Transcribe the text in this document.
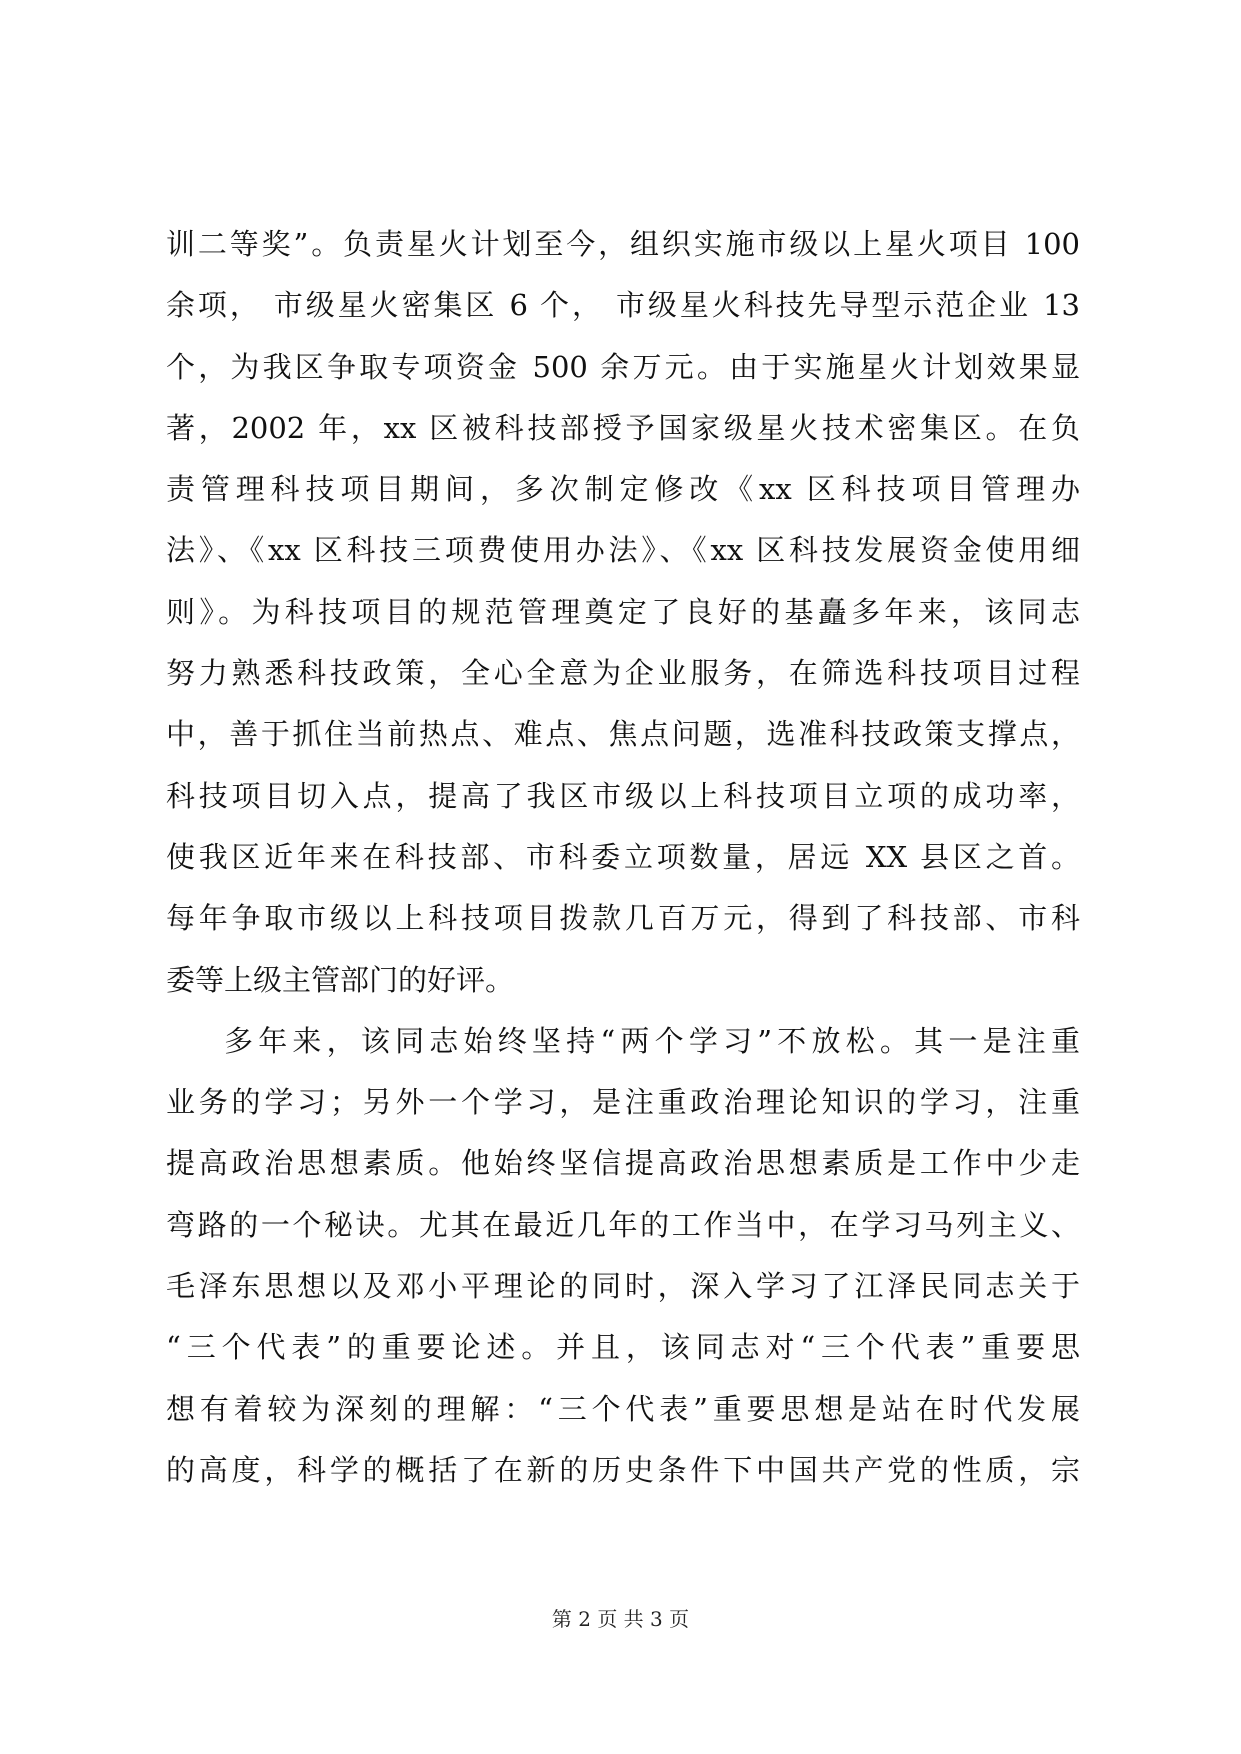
训二等奖”。负责星火计划至今，组织实施市级以上星火项目 100
余项， 市级星火密集区 6 个， 市级星火科技先导型示范企业 13
个，为我区争取专项资金 500 余万元。由于实施星火计划效果显
著，2002 年，xx 区被科技部授予国家级星火技术密集区。在负
责管理科技项目期间，多次制定修改《xx 区科技项目管理办
法》、《xx 区科技三项费使用办法》、《xx 区科技发展资金使用细
则》。为科技项目的规范管理奠定了良好的基矗多年来，该同志
努力熟悉科技政策，全心全意为企业服务，在筛选科技项目过程
中，善于抓住当前热点、难点、焦点问题，选准科技政策支撑点，
科技项目切入点，提高了我区市级以上科技项目立项的成功率，
使我区近年来在科技部、市科委立项数量，居远 XX 县区之首。
每年争取市级以上科技项目拨款几百万元，得到了科技部、市科
委等上级主管部门的好评。
多年来，该同志始终坚持“两个学习”不放松。其一是注重
业务的学习；另外一个学习，是注重政治理论知识的学习，注重
提高政治思想素质。他始终坚信提高政治思想素质是工作中少走
弯路的一个秘诀。尤其在最近几年的工作当中，在学习马列主义、
毛泽东思想以及邓小平理论的同时，深入学习了江泽民同志关于
“三个代表”的重要论述。并且，该同志对“三个代表”重要思
想有着较为深刻的理解：“三个代表”重要思想是站在时代发展
的高度，科学的概括了在新的历史条件下中国共产党的性质，宗
第 2 页 共 3 页
